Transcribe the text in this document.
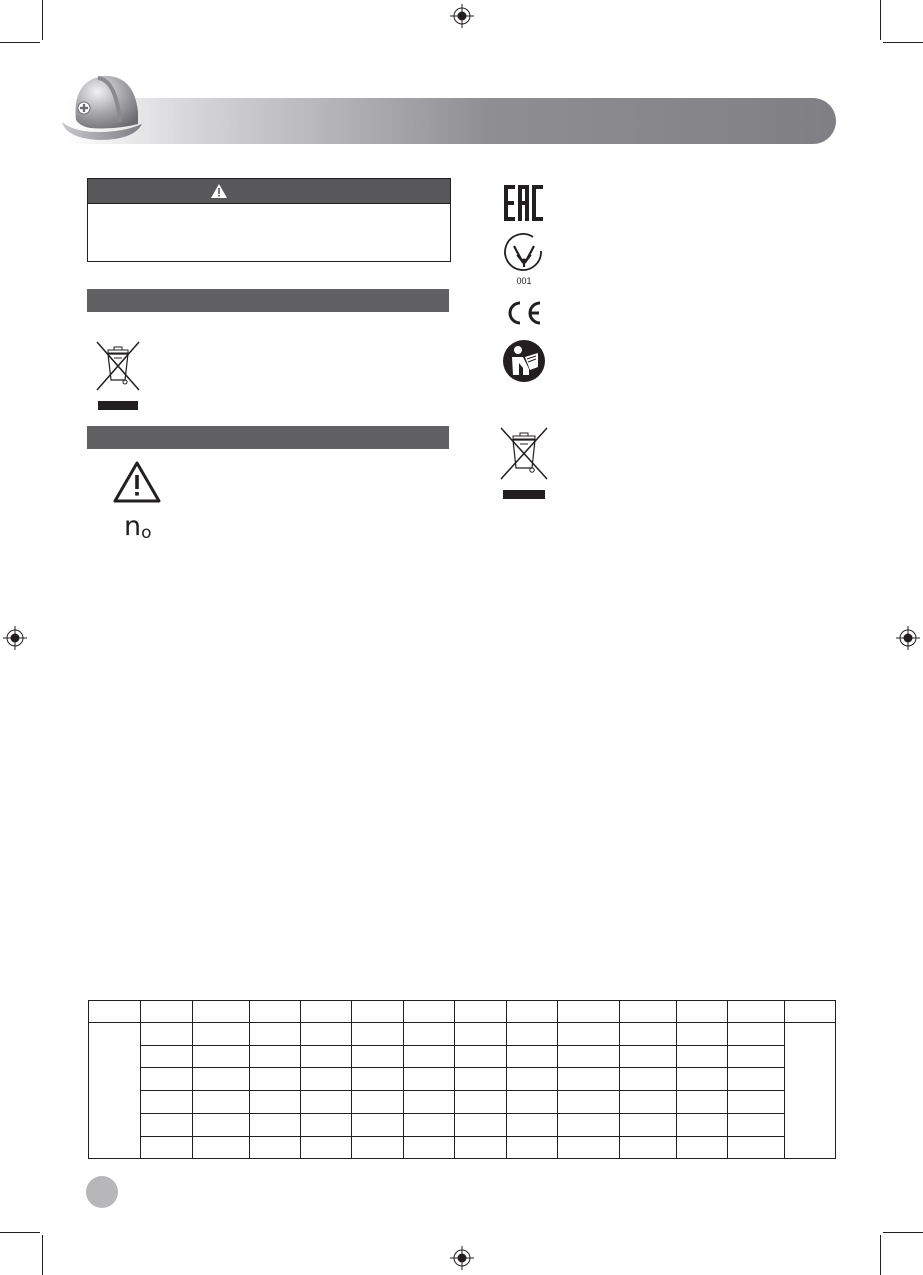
no
001
